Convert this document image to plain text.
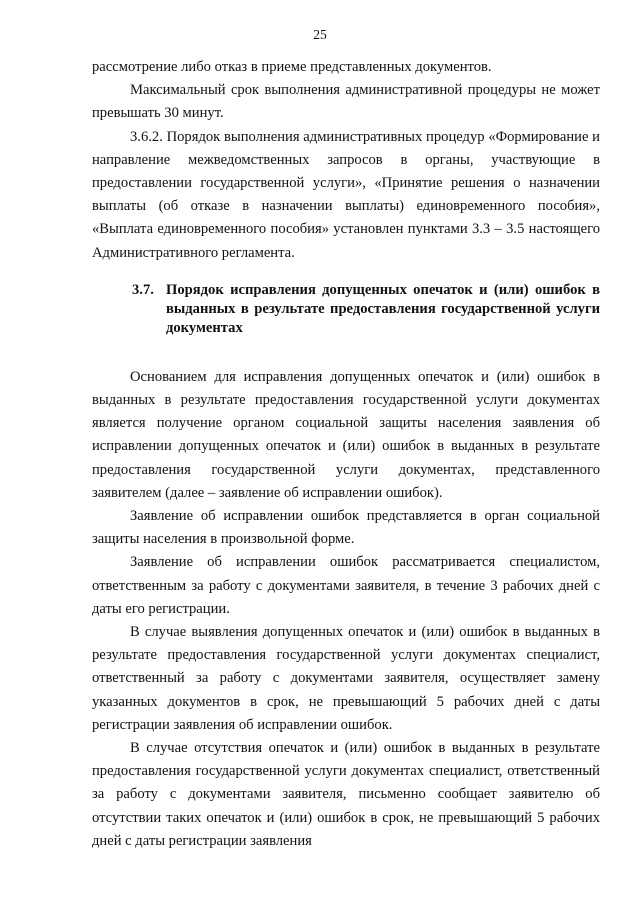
25

рассмотрение либо отказ в приеме представленных документов.

Максимальный срок выполнения административной процедуры не может превышать 30 минут.

3.6.2. Порядок выполнения административных процедур «Формирование и направление межведомственных запросов в органы, участвующие в предоставлении государственной услуги», «Принятие решения о назначении выплаты (об отказе в назначении выплаты) единовременного пособия», «Выплата единовременного пособия» установлен пунктами 3.3 – 3.5 настоящего Административного регламента.

3.7. Порядок исправления допущенных опечаток и (или) ошибок в выданных в результате предоставления государственной услуги документах

Основанием для исправления допущенных опечаток и (или) ошибок в выданных в результате предоставления государственной услуги документах является получение органом социальной защиты населения заявления об исправлении допущенных опечаток и (или) ошибок в выданных в результате предоставления государственной услуги документах, представленного заявителем (далее – заявление об исправлении ошибок).

Заявление об исправлении ошибок представляется в орган социальной защиты населения в произвольной форме.

Заявление об исправлении ошибок рассматривается специалистом, ответственным за работу с документами заявителя, в течение 3 рабочих дней с даты его регистрации.

В случае выявления допущенных опечаток и (или) ошибок в выданных в результате предоставления государственной услуги документах специалист, ответственный за работу с документами заявителя, осуществляет замену указанных документов в срок, не превышающий 5 рабочих дней с даты регистрации заявления об исправлении ошибок.

В случае отсутствия опечаток и (или) ошибок в выданных в результате предоставления государственной услуги документах специалист, ответственный за работу с документами заявителя, письменно сообщает заявителю об отсутствии таких опечаток и (или) ошибок в срок, не превышающий 5 рабочих дней с даты регистрации заявления
